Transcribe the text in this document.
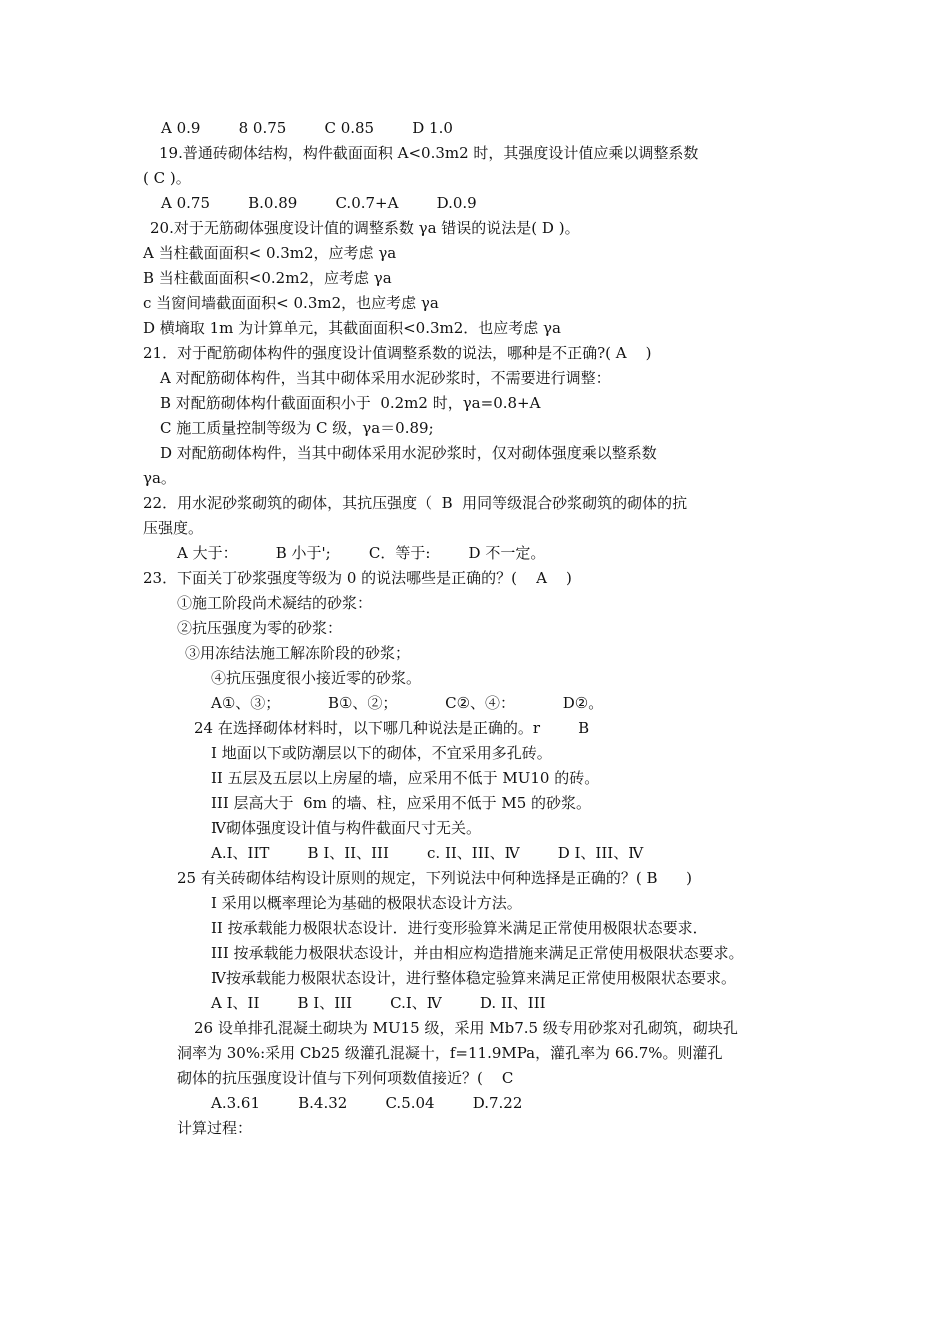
A 0.9        8 0.75        C 0.85        D 1.0
19.普通砖砌体结构，构件截面面积 A<0.3m2 时，其强度设计值应乘以调整系数
( C )。
A 0.75        B.0.89        C.0.7+A        D.0.9
20.对于无筋砌体强度设计值的调整系数 γa 错误的说法是( D )。
A 当柱截面面积< 0.3m2，应考虑 γa
B 当柱截面面积<0.2m2，应考虑 γa
c 当窗间墙截面面积< 0.3m2，也应考虑 γa
D 横墒取 1m 为计算单元，其截面面积<0.3m2．也应考虑 γa
21．对于配筋砌体构件的强度设计值调整系数的说法，哪种是不正确?( A    )
A 对配筋砌体构件，当其中砌体采用水泥砂浆时，不需要进行调整：
B 对配筋砌体构什截面面积小于  0.2m2 时，γa=0.8+A
C 施工质量控制等级为 C 级，γa＝0.89;
D 对配筋砌体构件，当其中砌体采用水泥砂浆时，仅对砌体强度乘以整系数
γa。
22．用水泥砂浆砌筑的砌体，其抗压强度（  B  用同等级混合砂浆砌筑的砌体的抗
压强度。
A 大于：        B 小于';        C．等于:        D 不一定。
23．下面关丁砂浆强度等级为 0 的说法哪些是正确的？(    A    )
①施工阶段尚术凝结的砂浆：
②抗压强度为零的砂浆：
③用冻结法施工解冻阶段的砂浆；
④抗压强度很小接近零的砂浆。
A①、③；          B①、②；          C②、④：          D②。
24 在选择砌体材料时，以下哪几种说法是正确的。r        B
I 地面以下或防潮层以下的砌体，不宜采用多孔砖。
II 五层及五层以上房屋的墙，应采用不低于 MU10 的砖。
III 层高大于  6m 的墙、柱，应采用不低于 M5 的砂浆。
Ⅳ砌体强度设计值与构件截面尺寸无关。
A.I、IIT        B I、II、III        c. II、III、Ⅳ        D I、III、Ⅳ
25 有关砖砌体结构设计原则的规定，下列说法中何种选择是正确的？( B      )
I 采用以概率理论为基础的极限状态设计方法。
II 按承载能力极限状态设计．进行变形验算米满足正常使用极限状态要求．
III 按承载能力极限状态设计，并由相应构造措施来满足正常使用极限状态要求。
Ⅳ按承载能力极限状态设计，进行整体稳定验算来满足正常使用极限状态要求。
A I、II        B I、III        C.I、Ⅳ        D. II、III
26 设单排孔混凝土砌块为 MU15 级，采用 Mb7.5 级专用砂浆对孔砌筑，砌块孔
洞率为 30%:采用 Cb25 级灌孔混凝十，f=11.9MPa，灌孔率为 66.7%。则灌孔
砌体的抗压强度设计值与下列何项数值接近？(    C
A.3.61        B.4.32        C.5.04        D.7.22
计算过程：
